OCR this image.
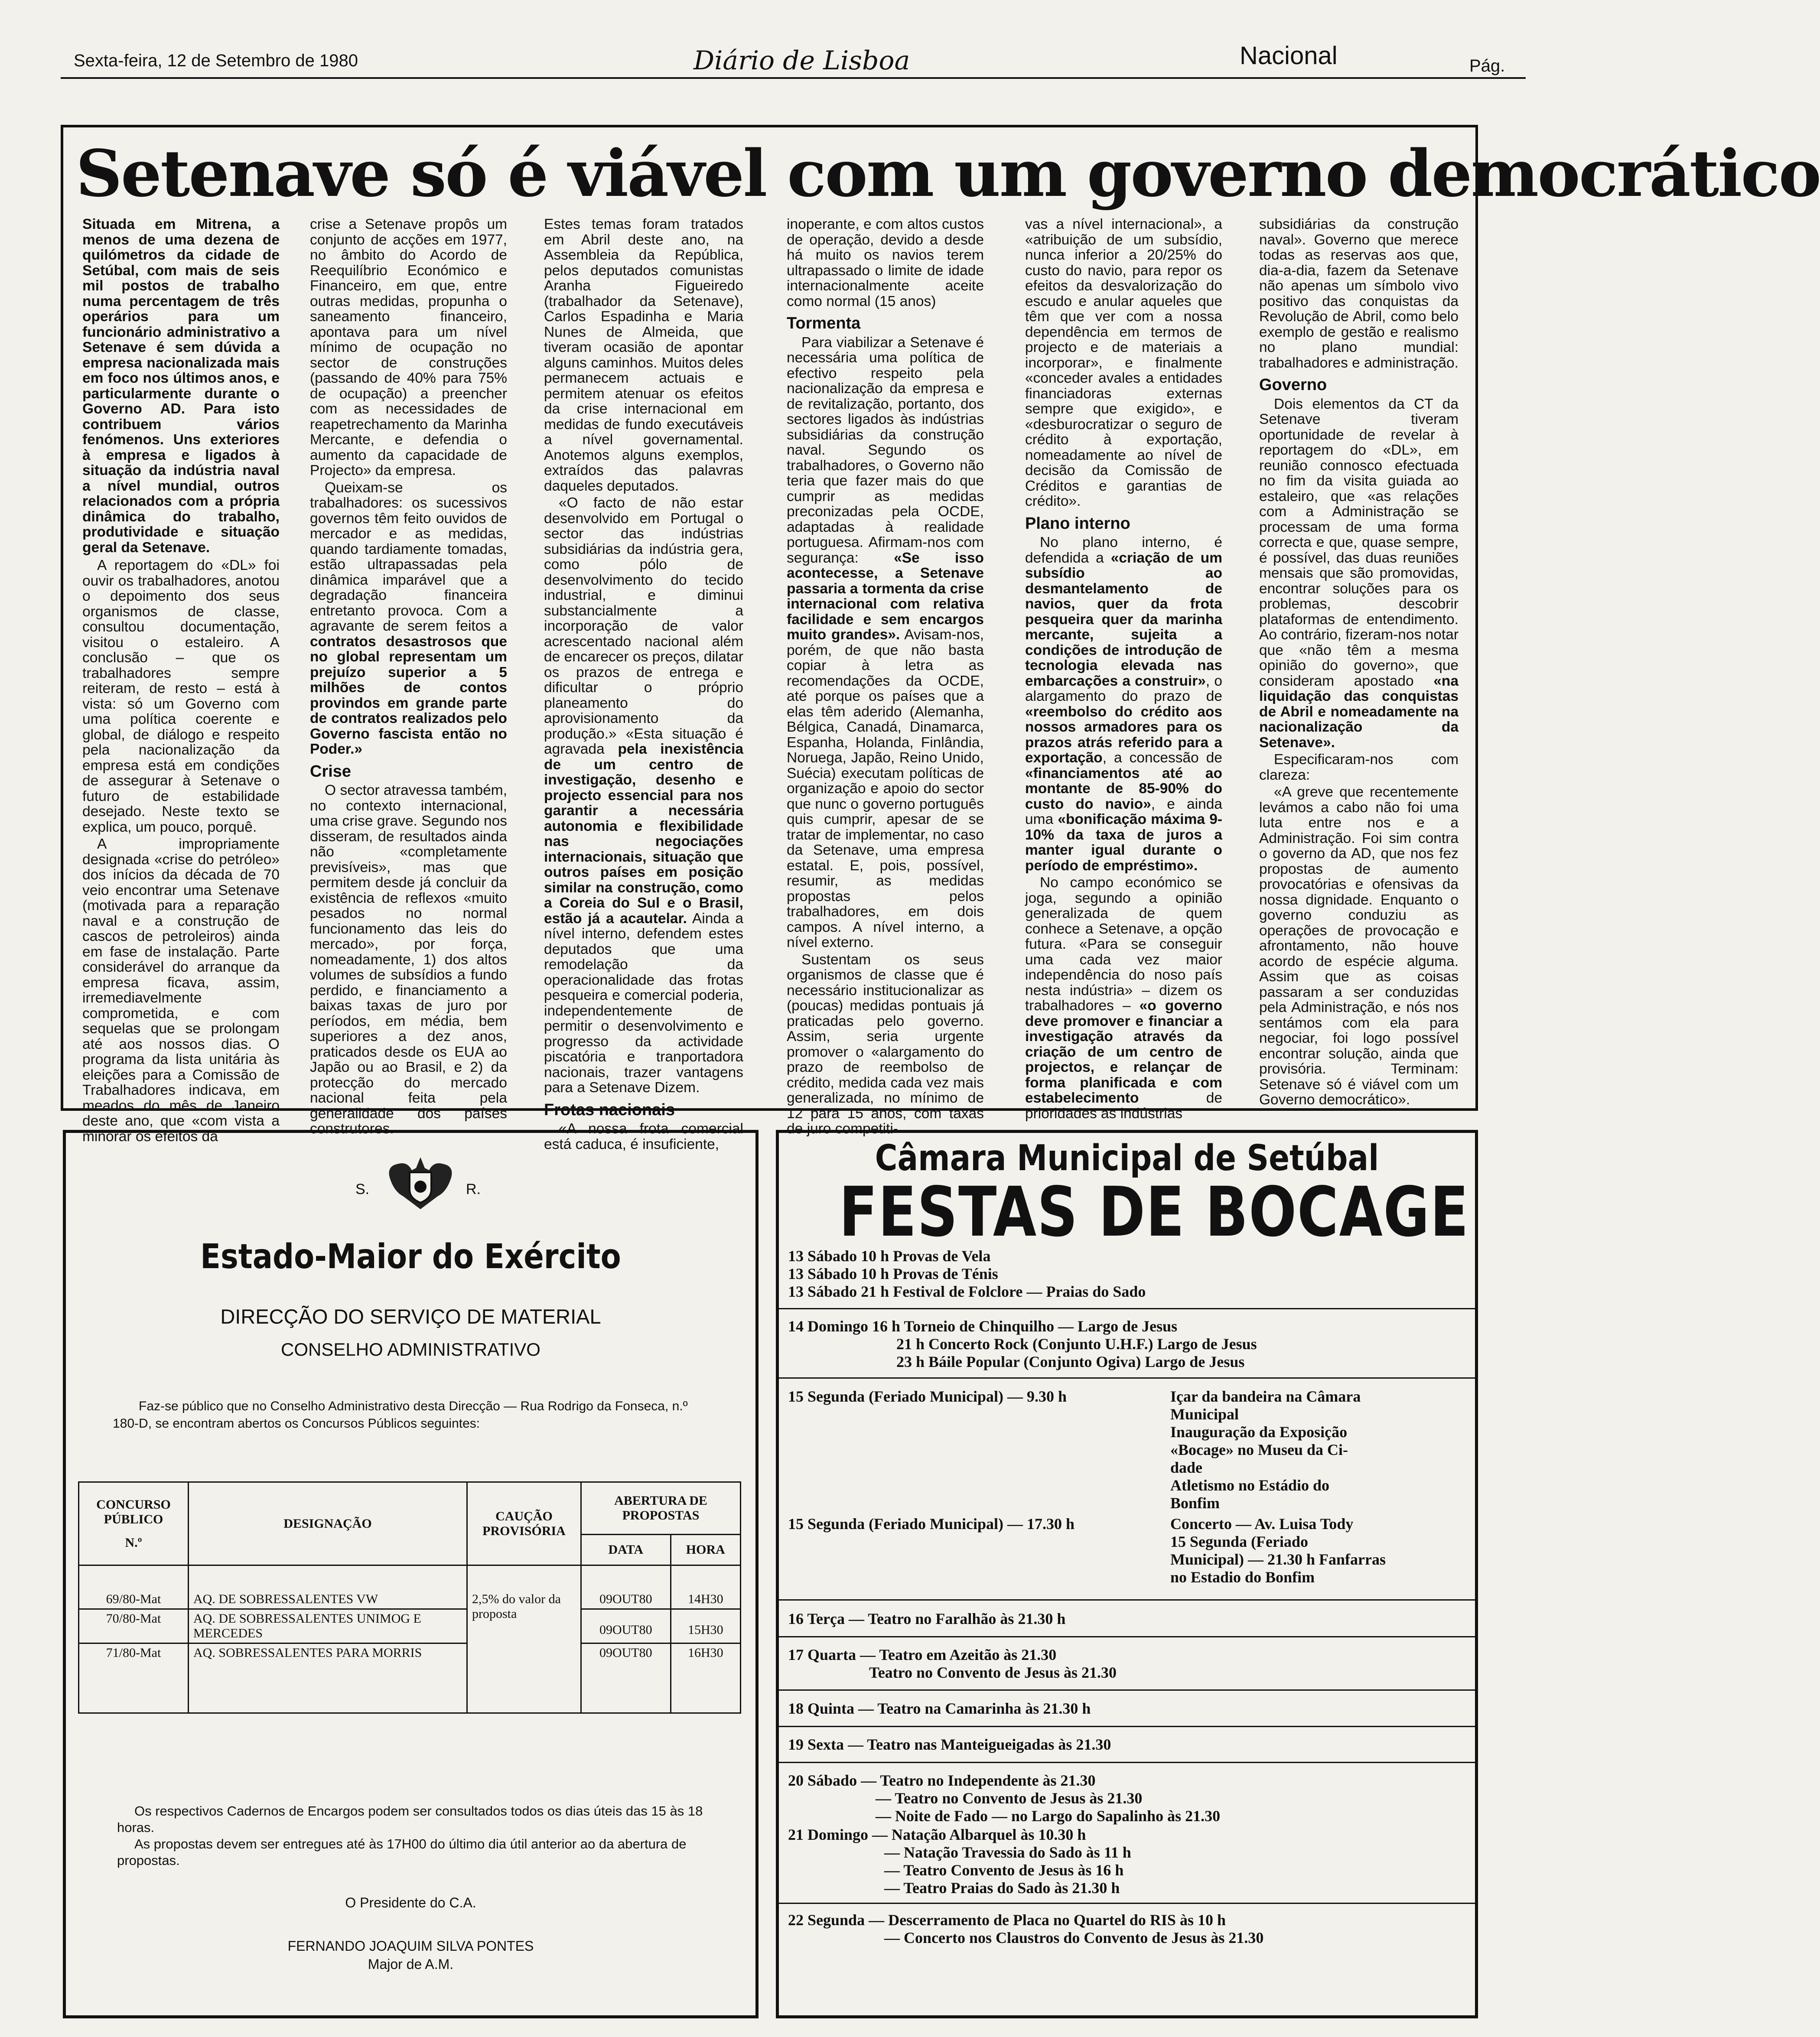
Sexta-feira, 12 de Setembro de 1980	Diário de Lisboa	Nacional	Pág.
Setenave só é viável com um governo democrático

Situada em Mitrena, a menos de uma dezena de quilómetros da cidade de Setúbal, com mais de seis mil postos de trabalho numa percentagem de três operários para um funcionário administrativo a Setenave é sem dúvida a empresa nacionalizada mais em foco nos últimos anos, e particularmente durante o Governo AD. Para isto contribuem vários fenómenos. Uns exteriores à empresa e ligados à situação da indústria naval a nível mundial, outros relacionados com a própria dinâmica do trabalho, produtividade e situação geral da Setenave.

A reportagem do «DL» foi ouvir os trabalhadores, anotou o depoimento dos seus organismos de classe, consultou documentação, visitou o estaleiro. A conclusão – que os trabalhadores sempre reiteram, de resto – está à vista: só um Governo com uma política coerente e global, de diálogo e respeito pela nacionalização da empresa está em condições de assegurar à Setenave o futuro de estabilidade desejado. Neste texto se explica, um pouco, porquê.

A impropriamente designada «crise do petróleo» dos inícios da década de 70 veio encontrar uma Setenave (motivada para a reparação naval e a construção de cascos de petroleiros) ainda em fase de instalação. Parte considerável do arranque da empresa ficava, assim, irremediavelmente comprometida, e com sequelas que se prolongam até aos nossos dias. O programa da lista unitária às eleições para a Comissão de Trabalhadores indicava, em meados do mês de Janeiro deste ano, que «com vista a minorar os efeitos da

crise a Setenave propôs um conjunto de acções em 1977, no âmbito do Acordo de Reequilíbrio Económico e Financeiro, em que, entre outras medidas, propunha o saneamento financeiro, apontava para um nível mínimo de ocupação no sector de construções (passando de 40% para 75% de ocupação) a preencher com as necessidades de reapetrechamento da Marinha Mercante, e defendia o aumento da capacidade de Projecto» da empresa.

Queixam-se os trabalhadores: os sucessivos governos têm feito ouvidos de mercador e as medidas, quando tardiamente tomadas, estão ultrapassadas pela dinâmica imparável que a degradação financeira entretanto provoca. Com a agravante de serem feitos a contratos desastrosos que no global representam um prejuízo superior a 5 milhões de contos provindos em grande parte de contratos realizados pelo Governo fascista então no Poder.»

Crise

O sector atravessa também, no contexto internacional, uma crise grave. Segundo nos disseram, de resultados ainda não «completamente previsíveis», mas que permitem desde já concluir da existência de reflexos «muito pesados no normal funcionamento das leis do mercado», por força, nomeadamente, 1) dos altos volumes de subsídios a fundo perdido, e financiamento a baixas taxas de juro por períodos, em média, bem superiores a dez anos, praticados desde os EUA ao Japão ou ao Brasil, e 2) da protecção do mercado nacional feita pela generalidade dos países construtores.

Estes temas foram tratados em Abril deste ano, na Assembleia da República, pelos deputados comunistas Aranha Figueiredo (trabalhador da Setenave), Carlos Espadinha e Maria Nunes de Almeida, que tiveram ocasião de apontar alguns caminhos. Muitos deles permanecem actuais e permitem atenuar os efeitos da crise internacional em medidas de fundo executáveis a nível governamental. Anotemos alguns exemplos, extraídos das palavras daqueles deputados.

«O facto de não estar desenvolvido em Portugal o sector das indústrias subsidiárias da indústria gera, como pólo de desenvolvimento do tecido industrial, e diminui substancialmente a incorporação de valor acrescentado nacional além de encarecer os preços, dilatar os prazos de entrega e dificultar o próprio planeamento do aprovisionamento da produção.» «Esta situação é agravada pela inexistência de um centro de investigação, desenho e projecto essencial para nos garantir a necessária autonomia e flexibilidade nas negociações internacionais, situação que outros países em posição similar na construção, como a Coreia do Sul e o Brasil, estão já a acautelar. Ainda a nível interno, defendem estes deputados que uma remodelação da operacionalidade das frotas pesqueira e comercial poderia, independentemente de permitir o desenvolvimento e progresso da actividade piscatória e tranportadora nacionais, trazer vantagens para a Setenave Dizem.

Frotas nacionais

«A nossa frota comercial está caduca, é insuficiente,

inoperante, e com altos custos de operação, devido a desde há muito os navios terem ultrapassado o limite de idade internacionalmente aceite como normal (15 anos)

Tormenta

Para viabilizar a Setenave é necessária uma política de efectivo respeito pela nacionalização da empresa e de revitalização, portanto, dos sectores ligados às indústrias subsidiárias da construção naval. Segundo os trabalhadores, o Governo não teria que fazer mais do que cumprir as medidas preconizadas pela OCDE, adaptadas à realidade portuguesa. Afirmam-nos com segurança: «Se isso acontecesse, a Setenave passaria a tormenta da crise internacional com relativa facilidade e sem encargos muito grandes». Avisam-nos, porém, de que não basta copiar à letra as recomendações da OCDE, até porque os países que a elas têm aderido (Alemanha, Bélgica, Canadá, Dinamarca, Espanha, Holanda, Finlândia, Noruega, Japão, Reino Unido, Suécia) executam políticas de organização e apoio do sector que nunc o governo português quis cumprir, apesar de se tratar de implementar, no caso da Setenave, uma empresa estatal. E, pois, possível, resumir, as medidas propostas pelos trabalhadores, em dois campos. A nível interno, a nível externo.

Sustentam os seus organismos de classe que é necessário institucionalizar as (poucas) medidas pontuais já praticadas pelo governo. Assim, seria urgente promover o «alargamento do prazo de reembolso de crédito, medida cada vez mais generalizada, no mínimo de 12 para 15 anos, com taxas de juro competiti-

vas a nível internacional», a «atribuição de um subsídio, nunca inferior a 20/25% do custo do navio, para repor os efeitos da desvalorização do escudo e anular aqueles que têm que ver com a nossa dependência em termos de projecto e de materiais a incorporar», e finalmente «conceder avales a entidades financiadoras externas sempre que exigido», e «desburocratizar o seguro de crédito à exportação, nomeadamente ao nível de decisão da Comissão de Créditos e garantias de crédito».

Plano interno

No plano interno, é defendida a «criação de um subsídio ao desmantelamento de navios, quer da frota pesqueira quer da marinha mercante, sujeita a condições de introdução de tecnologia elevada nas embarcações a construir», o alargamento do prazo de «reembolso do crédito aos nossos armadores para os prazos atrás referido para a exportação, a concessão de «financiamentos até ao montante de 85-90% do custo do navio», e ainda uma «bonificação máxima 9-10% da taxa de juros a manter igual durante o período de empréstimo».

No campo económico se joga, segundo a opinião generalizada de quem conhece a Setenave, a opção futura. «Para se conseguir uma cada vez maior independência do noso país nesta indústria» – dizem os trabalhadores – «o governo deve promover e financiar a investigação através da criação de um centro de projectos, e relançar de forma planificada e com estabelecimento de prioridades as indústrias

subsidiárias da construção naval». Governo que merece todas as reservas aos que, dia-a-dia, fazem da Setenave não apenas um símbolo vivo positivo das conquistas da Revolução de Abril, como belo exemplo de gestão e realismo no plano mundial: trabalhadores e administração.

Governo

Dois elementos da CT da Setenave tiveram oportunidade de revelar à reportagem do «DL», em reunião connosco efectuada no fim da visita guiada ao estaleiro, que «as relações com a Administração se processam de uma forma correcta e que, quase sempre, é possível, das duas reuniões mensais que são promovidas, encontrar soluções para os problemas, descobrir plataformas de entendimento. Ao contrário, fizeram-nos notar que «não têm a mesma opinião do governo», que consideram apostado «na liquidação das conquistas de Abril e nomeadamente na nacionalização da Setenave».

Especificaram-nos com clareza:

«A greve que recentemente levámos a cabo não foi uma luta entre nos e a Administração. Foi sim contra o governo da AD, que nos fez propostas de aumento provocatórias e ofensivas da nossa dignidade. Enquanto o governo conduziu as operações de provocação e afrontamento, não houve acordo de espécie alguma. Assim que as coisas passaram a ser conduzidas pela Administração, e nós nos sentámos com ela para negociar, foi logo possível encontrar solução, ainda que provisória. Terminam: Setenave só é viável com um Governo democrático».

S.	R.
Estado-Maior do Exército
DIRECÇÃO DO SERVIÇO DE MATERIAL
CONSELHO ADMINISTRATIVO
Faz-se público que no Conselho Administrativo desta Direcção — Rua Rodrigo da Fonseca, n.º 180-D, se encontram abertos os Concursos Públicos seguintes:
CONCURSO PÚBLICO
N.º	DESIGNAÇÃO	CAUÇÃO PROVISÓRIA	ABERTURA DE PROPOSTAS	
			DATA	HORA
69/80-Mat	AQ. DE SOBRESSALENTES VW	2,5% do valor da proposta	09OUT80	14H30
70/80-Mat	AQ. DE SOBRESSALENTES UNIMOG E MERCEDES		09OUT80	15H30
71/80-Mat	AQ. SOBRESSALENTES PARA MORRIS		09OUT80	16H30

Os respectivos Cadernos de Encargos podem ser consultados todos os dias úteis das 15 às 18 horas.

As propostas devem ser entregues até às 17H00 do último dia útil anterior ao da abertura de propostas.

O Presidente do C.A.
FERNANDO JOAQUIM SILVA PONTES
Major de A.M.
Câmara Municipal de Setúbal
FESTAS DE BOCAGE
13 Sábado 10 h Provas de Vela
13 Sábado 10 h Provas de Ténis
13 Sábado 21 h Festival de Folclore — Praias do Sado
14 Domingo 16 h Torneio de Chinquilho — Largo de Jesus
21 h Concerto Rock (Conjunto U.H.F.) Largo de Jesus
23 h Báile Popular (Conjunto Ogiva) Largo de Jesus
15 Segunda (Feriado Municipal) — 9.30 h	Içar da bandeira na Câmara
Municipal
Inauguração da Exposição
«Bocage» no Museu da Ci-
dade
Atletismo no Estádio do
Bonfim
15 Segunda (Feriado Municipal) — 17.30 h	Concerto — Av. Luisa Tody
15 Segunda (Feriado
Municipal) — 21.30 h Fanfarras
no Estadio do Bonfim
16 Terça — Teatro no Faralhão às 21.30 h
17 Quarta — Teatro em Azeitão às 21.30
Teatro no Convento de Jesus às 21.30
18 Quinta — Teatro na Camarinha às 21.30 h
19 Sexta — Teatro nas Manteigueigadas às 21.30
20 Sábado — Teatro no Independente às 21.30
— Teatro no Convento de Jesus às 21.30
— Noite de Fado — no Largo do Sapalinho às 21.30
21 Domingo — Natação Albarquel às 10.30 h
— Natação Travessia do Sado às 11 h
— Teatro Convento de Jesus às 16 h
— Teatro Praias do Sado às 21.30 h
22 Segunda — Descerramento de Placa no Quartel do RIS às 10 h
— Concerto nos Claustros do Convento de Jesus às 21.30
